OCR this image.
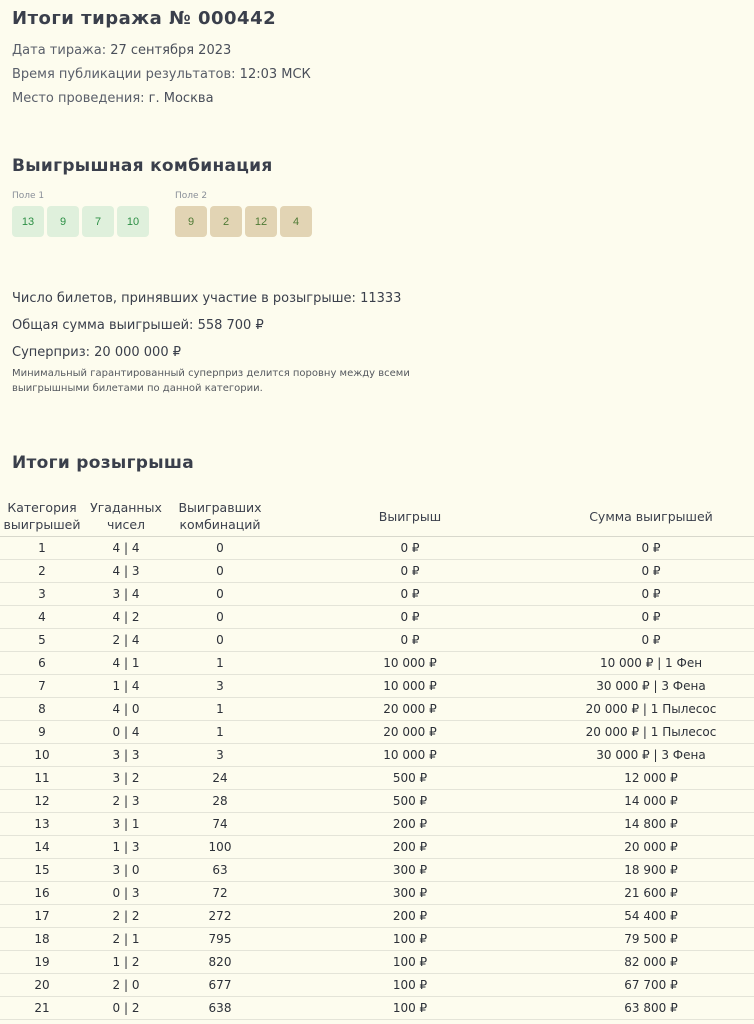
Итоги тиража № 000442
Дата тиража: 27 сентября 2023
Время публикации результатов: 12:03 МСК
Место проведения: г. Москва
Выигрышная комбинация
Поле 1
13	9	7	10
Поле 2
9	2	12	4
Число билетов, принявших участие в розыгрыше: 11333
Общая сумма выигрышей: 558 700 ₽
Суперприз: 20 000 000 ₽
Минимальный гарантированный суперприз делится поровну между всеми выигрышными билетами по данной категории.
Итоги розыгрыша
Категория выигрышей	Угаданных чисел	Выигравших комбинаций	Выигрыш	Сумма выигрышей
1	4 | 4	0	0 ₽	0 ₽
2	4 | 3	0	0 ₽	0 ₽
3	3 | 4	0	0 ₽	0 ₽
4	4 | 2	0	0 ₽	0 ₽
5	2 | 4	0	0 ₽	0 ₽
6	4 | 1	1	10 000 ₽	10 000 ₽ | 1 Фен
7	1 | 4	3	10 000 ₽	30 000 ₽ | 3 Фена
8	4 | 0	1	20 000 ₽	20 000 ₽ | 1 Пылесос
9	0 | 4	1	20 000 ₽	20 000 ₽ | 1 Пылесос
10	3 | 3	3	10 000 ₽	30 000 ₽ | 3 Фена
11	3 | 2	24	500 ₽	12 000 ₽
12	2 | 3	28	500 ₽	14 000 ₽
13	3 | 1	74	200 ₽	14 800 ₽
14	1 | 3	100	200 ₽	20 000 ₽
15	3 | 0	63	300 ₽	18 900 ₽
16	0 | 3	72	300 ₽	21 600 ₽
17	2 | 2	272	200 ₽	54 400 ₽
18	2 | 1	795	100 ₽	79 500 ₽
19	1 | 2	820	100 ₽	82 000 ₽
20	2 | 0	677	100 ₽	67 700 ₽
21	0 | 2	638	100 ₽	63 800 ₽
